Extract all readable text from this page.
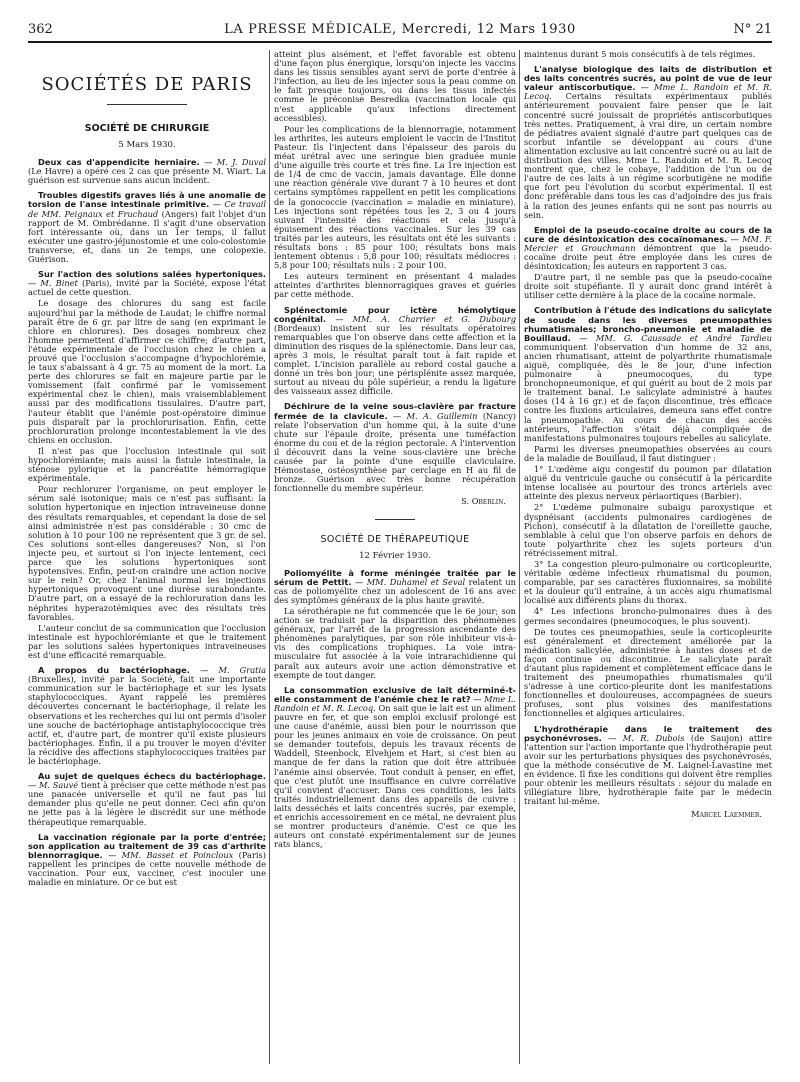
362	LA PRESSE MÉDICALE, Mercredi, 12 Mars 1930	N° 21
SOCIÉTÉS DE PARIS
SOCIÉTÉ DE CHIRURGIE
5 Mars 1930.

Deux cas d'appendicite herniaire. — M. J. Duval (Le Havre) a opéré ces 2 cas que présente M. Wiart. La guérison est survenue sans aucun incident.

Troubles digestifs graves liés à une anomalie de torsion de l'anse intestinale primitive. — Ce travail de MM. Peignaux et Fruchaud (Angers) fait l'objet d'un rapport de M. Ombrédanne. Il s'agit d'une observation fort intéressante où, dans un 1er temps, il fallut exécuter une gastro-jéjunostomie et une colo-colostomie transverse, et, dans un 2e temps, une colopexie. Guérison.

Sur l'action des solutions salées hypertoniques. — M. Binet (Paris), invité par la Société, expose l'état actuel de cette question.

Le dosage des chlorures du sang est facile aujourd'hui par la méthode de Laudat; le chiffre normal paraît être de 6 gr. par litre de sang (en exprimant le chlore en chlorures). Des dosages nombreux chez l'homme permettent d'affirmer ce chiffre; d'autre part, l'étude expérimentale de l'occlusion chez le chien a prouvé que l'occlusion s'accompagne d'hypochlorémie, le taux s'abaissant à 4 gr. 75 au moment de la mort. La perte des chlorures se fait en majeure partie par le vomissement (fait confirmé par le vomissement expérimental chez le chien), mais vraisemblablement aussi par des modifications tissulaires. D'autre part, l'auteur établit que l'anémie post-opératoire diminue puis disparaît par la prochlorurisation. Enfin, cette prochloruration prolonge incontestablement la vie des chiens en occlusion.

Il n'est pas que l'occlusion intestinale qui soit hypochlorémiante; mais aussi la fistule intestinale, la sténose pylorique et la pancréatite hémorragique expérimentale.

Pour rechlorurer l'organisme, on peut employer le sérum salé isotonique; mais ce n'est pas suffisant: la solution hypertonique en injection intraveineuse donne des résultats remarquables, et cependant la dose de sel ainsi administrée n'est pas considérable : 30 cmc de solution à 10 pour 100 ne représentent que 3 gr. de sel. Ces solutions sont-elles dangereuses? Non, si l'on injecte peu, et surtout si l'on injecte lentement, ceci parce que les solutions hypertoniques sont hypotensives. Enfin, peut-on craindre une action nocive sur le rein? Or, chez l'animal normal les injections hypertoniques provoquent une diurèse surabondante. D'autre part, on a essayé de la rechloruration dans les néphrites hyperazotémiques avec des résultats très favorables.

L'auteur conclut de sa communication que l'occlusion intestinale est hypochlorémiante et que le traitement par les solutions salées hypertoniques intraveineuses est d'une efficacité remarquable.

A propos du bactériophage. — M. Gratia (Bruxelles), invité par la Société, fait une importante communication sur le bactériophage et sur les lysats staphylococciques. Ayant rappelé les premières découvertes concernant le bactériophage, il relate les observations et les recherches qui lui ont permis d'isoler une souche de bactériophage antistaphylococcique très actif, et, d'autre part, de montrer qu'il existe plusieurs bactériophages. Enfin, il a pu trouver le moyen d'éviter la récidive des affections staphylococciques traitées par le bactériophage.

Au sujet de quelques échecs du bactériophage. — M. Sauvé tient à préciser que cette méthode n'est pas une panacée universelle et qu'il ne faut pas lui demander plus qu'elle ne peut donner. Ceci afin qu'on ne jette pas à la légère le discrédit sur une méthode thérapeutique remarquable.

La vaccination régionale par la porte d'entrée; son application au traitement de 39 cas d'arthrite blennorragique. — MM. Basset et Poincloux (Paris) rappellent les principes de cette nouvelle méthode de vaccination. Pour eux, vacciner, c'est inoculer une maladie en miniature. Or ce but est

atteint plus aisément, et l'effet favorable est obtenu d'une façon plus énergique, lorsqu'on injecte les vaccins dans les tissus sensibles ayant servi de porte d'entrée à l'infection, au lieu de les injecter sous la peau comme on le fait presque toujours, ou dans les tissus infectés comme le préconise Besredka (vaccination locale qui n'est applicable qu'aux infections directement accessibles).

Pour les complications de la blennorragie, notamment les arthrites, les auteurs emploient le vaccin de l'Institut Pasteur. Ils l'injectent dans l'épaisseur des parois du méat urétral avec une seringue bien graduée munie d'une aiguille très courte et très fine. La 1re injection est de 1/4 de cmc de vaccin, jamais davantage. Elle donne une réaction générale vive durant 7 à 10 heures et dont certains symptômes rappellent en petit les complications de la gonococcie (vaccination = maladie en miniature). Les injections sont répétées tous les 2, 3 ou 4 jours suivant l'intensité des réactions et cela jusqu'à épuisement des réactions vaccinales. Sur les 39 cas traités par les auteurs, les résultats ont été les suivants : résultats bons : 85 pour 100; résultats bons mais lentement obtenus : 5,8 pour 100; résultats médiocres : 5,8 pour 100; résultats nuls : 2 pour 100.

Les auteurs terminent en présentant 4 malades atteintes d'arthrites blennorragiques graves et guéries par cette méthode.

Splénectomie pour ictère hémolytique congénital. — MM. A. Charrier et G. Dubourg (Bordeaux) insistent sur les résultats opératoires remarquables que l'on observe dans cette affection et la diminution des risques de la splénectomie. Dans leur cas, après 3 mois, le résultat paraît tout à fait rapide et complet. L'incision parallèle au rebord costal gauche a donné un très bon jour; une périsplénite assez marquée, surtout au niveau du pôle supérieur, a rendu la ligature des vaisseaux assez difficile.

Déchirure de la veine sous-clavière par fracture fermée de la clavicule. — M. A. Guillemin (Nancy) relate l'observation d'un homme qui, à la suite d'une chute sur l'épaule droite, présenta une tuméfaction énorme du cou et de la région pectorale. A l'intervention il découvrit dans la veine sous-clavière une brèche causée par la pointe d'une esquille claviculaire. Hémostase, ostéosynthèse par cerclage en H au fil de bronze. Guérison avec très bonne récupération fonctionnelle du membre supérieur.

S. Oberlin.

SOCIÉTÉ DE THÉRAPEUTIQUE
12 Février 1930.

Poliomyélite à forme méningée traitée par le sérum de Pettit. — MM. Duhamel et Seval relatent un cas de poliomyélite chez un adolescent de 16 ans avec des symptômes généraux de la plus haute gravité.

La sérothérapie ne fut commencée que le 6e jour; son action se traduisit par la disparition des phénomènes généraux, par l'arrêt de la progression ascendante des phénomènes paralytiques, par son rôle inhibiteur vis-à-vis des complications trophiques. La voie intra-musculaire fut associée à la voie intrarachidienne qui paraît aux auteurs avoir une action démonstrative et exempte de tout danger.

La consommation exclusive de lait déterminé-t-elle constamment de l'anémie chez le rat? — Mme L. Randoin et M. R. Lecoq. On sait que le lait est un aliment pauvre en fer, et que son emploi exclusif prolongé est une cause d'anémie, aussi bien pour le nourrisson que pour les jeunes animaux en voie de croissance. On peut se demander toutefois, depuis les travaux récents de Waddell, Steenbock, Elvehjem et Hart, si c'est bien au manque de fer dans la ration que doit être attribuée l'anémie ainsi observée. Tout conduit à penser, en effet, que c'est plutôt une insuffisance en cuivre corrélative qu'il convient d'accuser. Dans ces conditions, les laits traités industriellement dans des appareils de cuivre : laits desséchés et laits concentrés sucrés, par exemple, et enrichis accessoirement en ce métal, ne devraient plus se montrer producteurs d'anémie. C'est ce que les auteurs ont constaté expérimentalement sur de jeunes rats blancs,

maintenus durant 5 mois consécutifs à de tels régimes.

L'analyse biologique des laits de distribution et des laits concentrés sucrés, au point de vue de leur valeur antiscorbutique. — Mme L. Randoin et M. R. Lecoq. Certains résultats expérimentaux publiés antérieurement pouvaient faire penser que le lait concentré sucré jouissait de propriétés antiscorbutiques très nettes. Pratiquement, à vrai dire, un certain nombre de pédiatres avaient signalé d'autre part quelques cas de scorbut infantile se développant au cours d'une alimentation exclusive au lait concentré sucré ou au lait de distribution des villes. Mme L. Randoin et M. R. Lecoq montrent que, chez le cobaye, l'addition de l'un ou de l'autre de ces laits à un régime scorbutigène ne modifie que fort peu l'évolution du scorbut expérimental. Il est donc préférable dans tous les cas d'adjoindre des jus frais à la ration des jeunes enfants qui ne sont pas nourris au sein.

Emploi de la pseudo-cocaïne droite au cours de la cure de désintoxication des cocaïnomanes. — MM. F. Mercier et Grouchmann démontrent que la pseudo-cocaïne droite peut être employée dans les cures de désintoxication; les auteurs en rapportent 3 cas.

D'autre part, il ne semble pas que la pseudo-cocaïne droite soit stupéfiante. Il y aurait donc grand intérêt à utiliser cette dernière à la place de la cocaïne normale.

Contribution à l'étude des indications du salicylate de soude dans les diverses pneumopathies rhumatismales; broncho-pneumonie et maladie de Bouillaud. — MM. G. Caussade et André Tardieu communiquent l'observation d'un homme de 32 ans, ancien rhumatisant, atteint de polyarthrite rhumatismale aiguë, compliquée, dès le 8e jour, d'une infection pulmonaire à pneumocoques, du type bronchopneumonique, et qui guérit au bout de 2 mois par le traitement banal. Le salicylate administré à hautes doses (14 à 16 gr.) et de façon discontinue, très efficace contre les fluxions articulaires, demeura sans effet contre la pneumopathie. Au cours de chacun des accès antérieurs, l'affection s'était déjà compliquée de manifestations pulmonaires toujours rebelles au salicylate.

Parmi les diverses pneumopathies observées au cours de la maladie de Bouillaud, il faut distinguer :

1° L'œdème aigu congestif du poumon par dilatation aiguë du ventricule gauche ou consécutif à la péricardite intense localisée au pourtour des troncs artériels avec atteinte des plexus nerveux périaortiques (Barbier).

2° L'œdème pulmonaire subaigu paroxystique et dyspnéisant (accidents pulmonaires cardiogènes de Pichon), consécutif à la dilatation de l'oreillette gauche, semblable à celui que l'on observe parfois en dehors de toute polyarthrite chez les sujets porteurs d'un rétrécissement mitral.

3° La congestion pleuro-pulmonaire ou corticopleurite, véritable œdème infectieux rhumatismal du poumon, comparable, par ses caractères fluxionnaires, sa mobilité et la douleur qu'il entraîne, à un accès aigu rhumatismal localisé aux différents plans du thorax.

4° Les infections broncho-pulmonaires dues à des germes secondaires (pneumocoques, le plus souvent).

De toutes ces pneumopathies, seule la corticopleurite est généralement et directement améliorée par la médication salicylée, administrée à hautes doses et de façon continue ou discontinue. Le salicylate paraît d'autant plus rapidement et complètement efficace dans le traitement des pneumopathies rhumatismales qu'il s'adresse à une cortico-pleurite dont les manifestations fonctionnelles et douloureuses, accompagnées de sueurs profuses, sont plus voisines des manifestations fonctionnelles et algiques articulaires.

L'hydrothérapie dans le traitement des psychonévroses. — M. R. Dubois (de Saujon) attire l'attention sur l'action importante que l'hydrothérapie peut avoir sur les perturbations physiques des psychonévrosés, que la méthode consécutive de M. Laignel-Lavastine met en évidence. Il fixe les conditions qui doivent être remplies pour obtenir les meilleurs résultats : séjour du malade en villégiature libre, hydrothérapie faite par le médecin traitant lui-même.

Marcel Laemmer.
